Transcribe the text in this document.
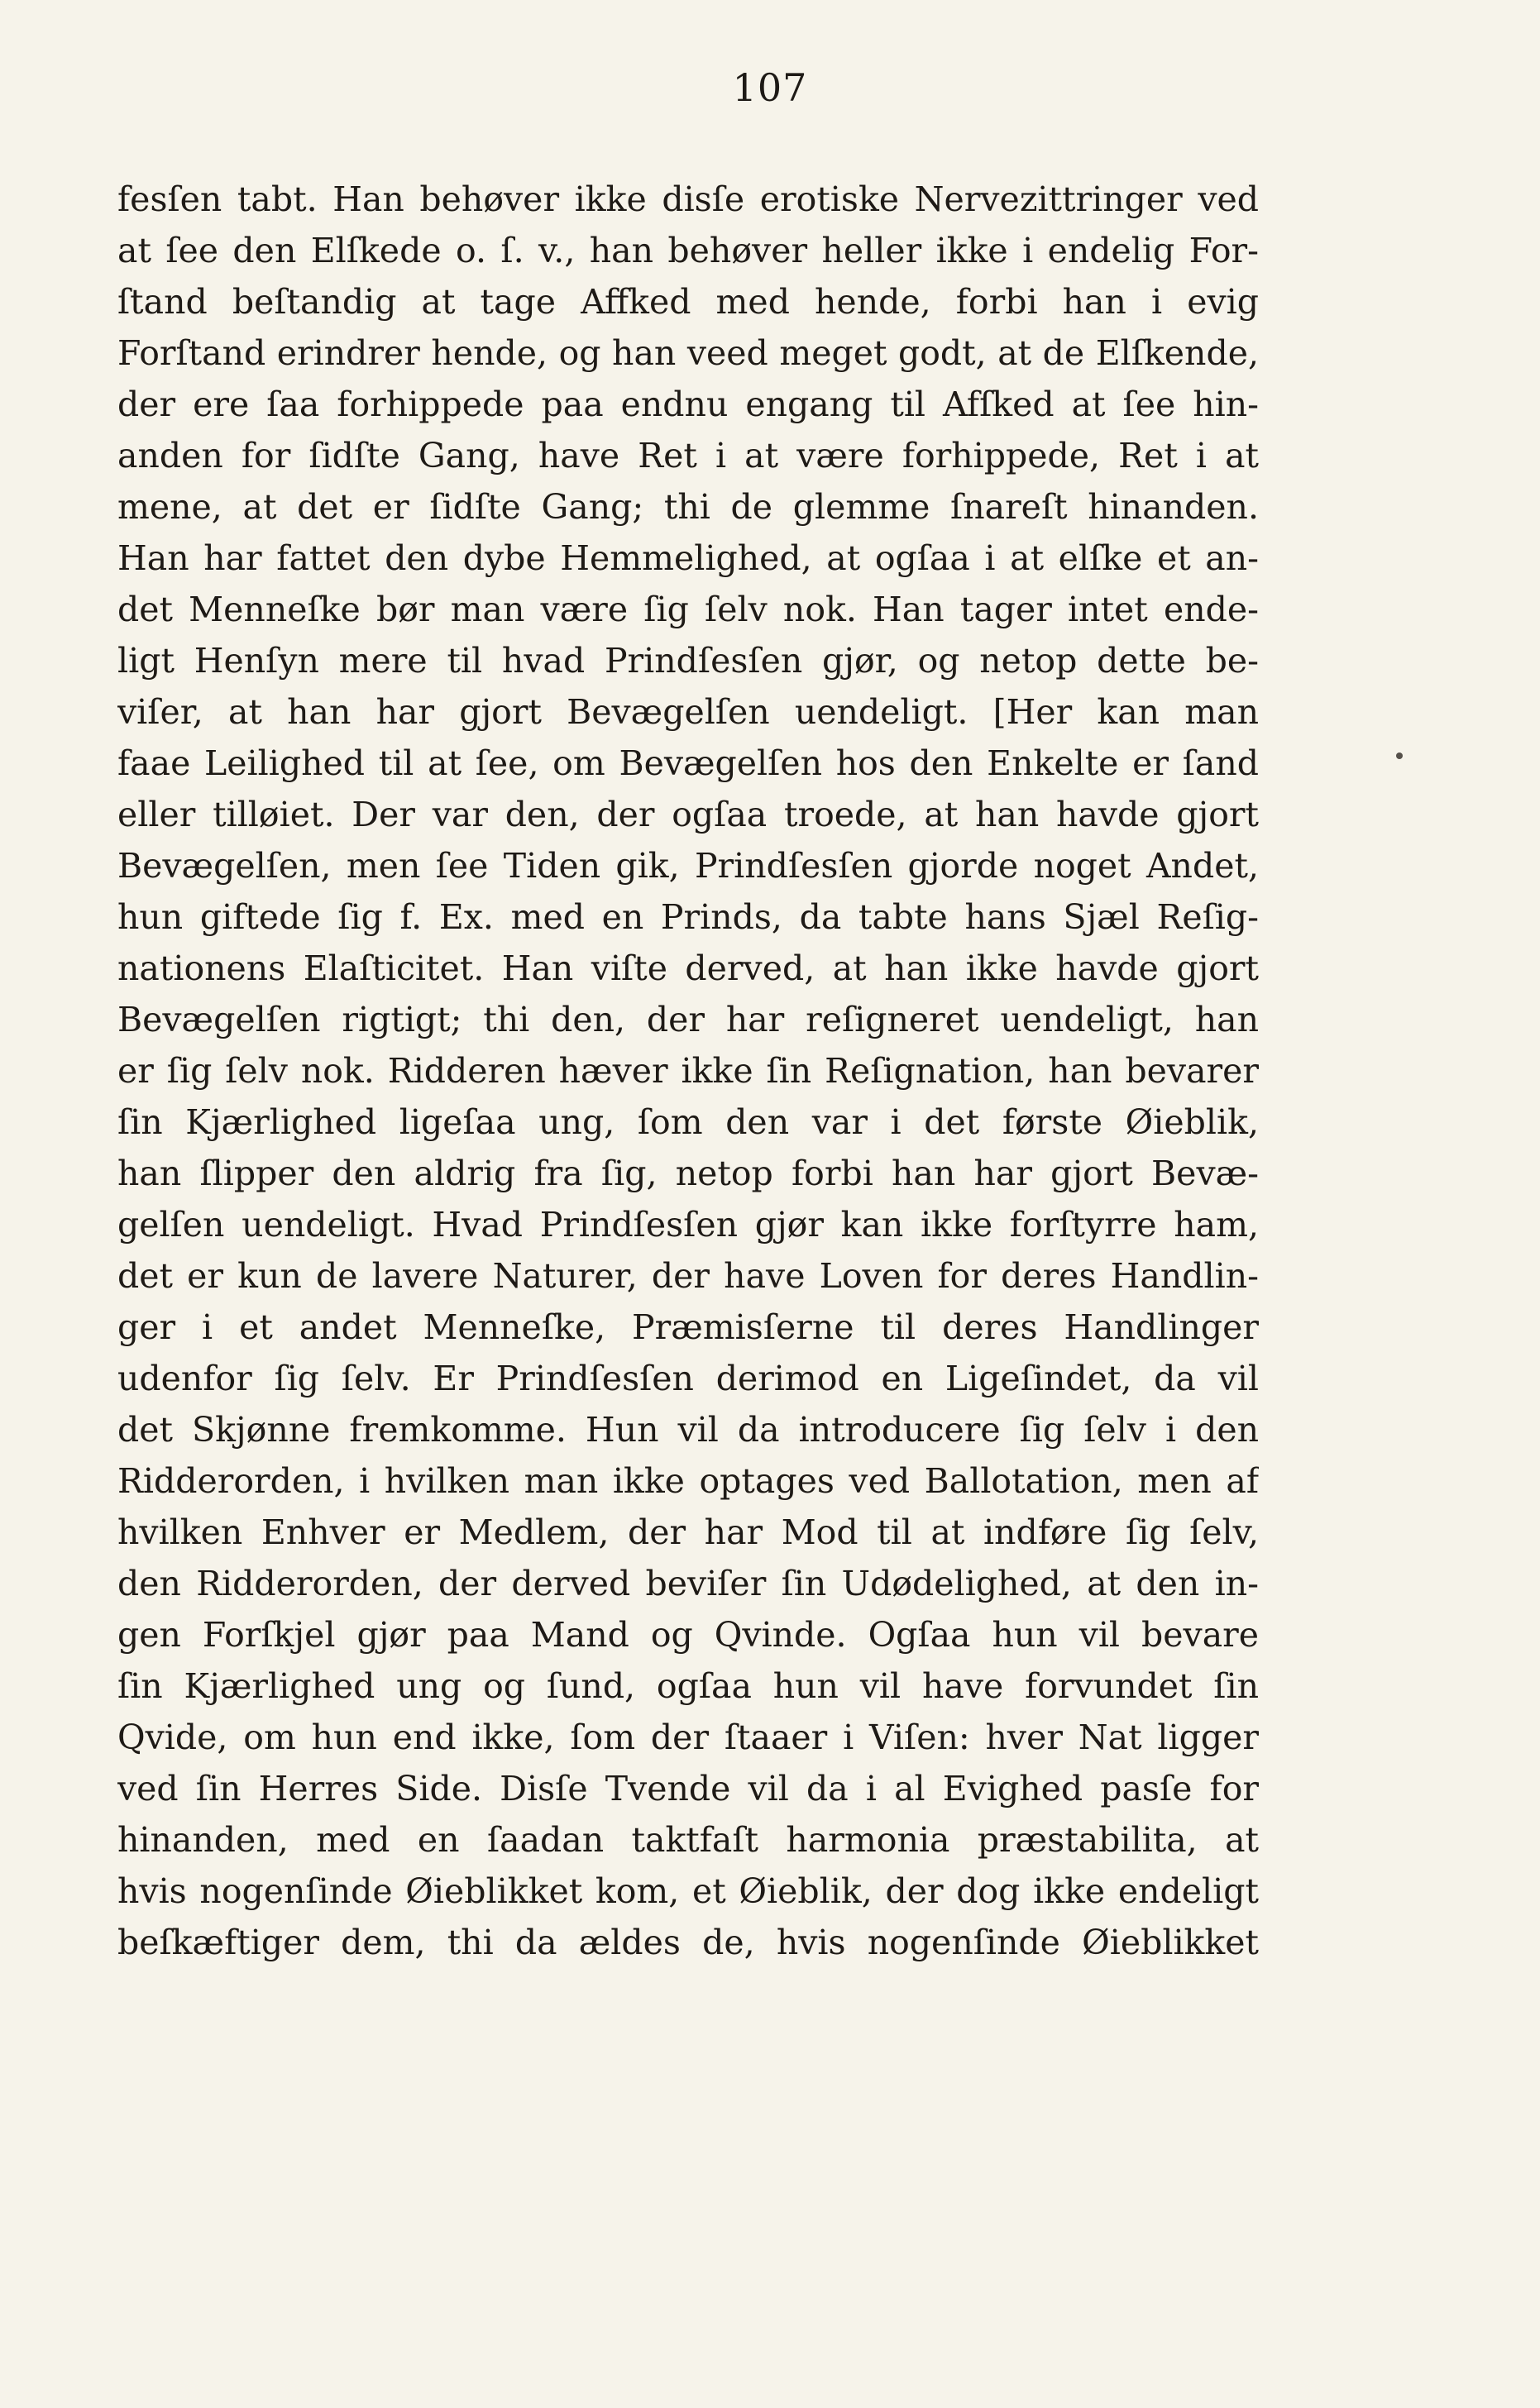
107
fesſen tabt. Han behøver ikke disſe erotiske Nervezittringer ved
at ſee den Elſkede o. ſ. v., han behøver heller ikke i endelig For-
ſtand beſtandig at tage Affked med hende, forbi han i evig
Forſtand erindrer hende, og han veed meget godt, at de Elſkende,
der ere ſaa forhippede paa endnu engang til Afſked at ſee hin-
anden for ſidſte Gang, have Ret i at være forhippede, Ret i at
mene, at det er ſidſte Gang; thi de glemme ſnareſt hinanden.
Han har fattet den dybe Hemmelighed, at ogſaa i at elſke et an-
det Menneſke bør man være ſig ſelv nok. Han tager intet ende-
ligt Henſyn mere til hvad Prindſesſen gjør, og netop dette be-
viſer, at han har gjort Bevægelſen uendeligt. [Her kan man
faae Leilighed til at ſee, om Bevægelſen hos den Enkelte er ſand
eller tilløiet. Der var den, der ogſaa troede, at han havde gjort
Bevægelſen, men ſee Tiden gik, Prindſesſen gjorde noget Andet,
hun giftede ſig f. Ex. med en Prinds, da tabte hans Sjæl Reſig-
nationens Elaſticitet. Han viſte derved, at han ikke havde gjort
Bevægelſen rigtigt; thi den, der har reſigneret uendeligt, han
er ſig ſelv nok. Ridderen hæver ikke ſin Reſignation, han bevarer
ſin Kjærlighed ligeſaa ung, ſom den var i det første Øieblik,
han ſlipper den aldrig fra ſig, netop forbi han har gjort Bevæ-
gelſen uendeligt. Hvad Prindſesſen gjør kan ikke forſtyrre ham,
det er kun de lavere Naturer, der have Loven for deres Handlin-
ger i et andet Menneſke, Præmisſerne til deres Handlinger
udenfor ſig ſelv. Er Prindſesſen derimod en Ligeſindet, da vil
det Skjønne fremkomme. Hun vil da introducere ſig ſelv i den
Ridderorden, i hvilken man ikke optages ved Ballotation, men af
hvilken Enhver er Medlem, der har Mod til at indføre ſig ſelv,
den Ridderorden, der derved beviſer ſin Udødelighed, at den in-
gen Forſkjel gjør paa Mand og Qvinde. Ogſaa hun vil bevare
ſin Kjærlighed ung og ſund, ogſaa hun vil have forvundet ſin
Qvide, om hun end ikke, ſom der ſtaaer i Viſen: hver Nat ligger
ved ſin Herres Side. Disſe Tvende vil da i al Evighed pasſe for
hinanden, med en ſaadan taktfaſt harmonia præstabilita, at
hvis nogenſinde Øieblikket kom, et Øieblik, der dog ikke endeligt
beſkæftiger dem, thi da ældes de, hvis nogenſinde Øieblikket
